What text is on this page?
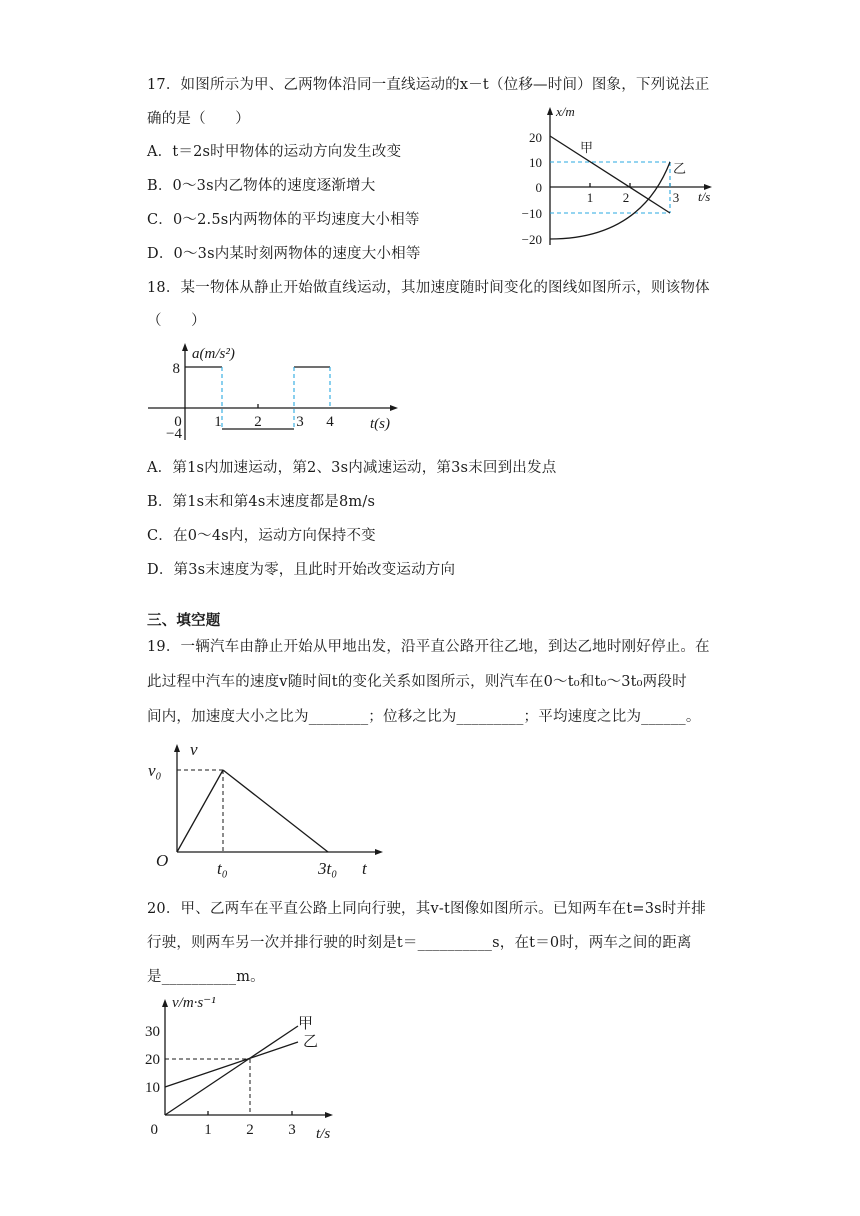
17．如图所示为甲、乙两物体沿同一直线运动的x－t（位移—时间）图象，下列说法正
确的是（　　）
A．t＝2s时甲物体的运动方向发生改变
B．0～3s内乙物体的速度逐渐增大
C．0～2.5s内两物体的平均速度大小相等
D．0～3s内某时刻两物体的速度大小相等
x/m
t/s
20
10
0
−10
−20
1 2	3
甲
乙
18．某一物体从静止开始做直线运动，其加速度随时间变化的图线如图所示，则该物体
（　　）
a(m/s²)
t(s)
8
−4
0 1 2 3 4
A．第1s内加速运动，第2、3s内减速运动，第3s末回到出发点
B．第1s末和第4s末速度都是8m/s
C．在0～4s内，运动方向保持不变
D．第3s末速度为零，且此时开始改变运动方向
三、填空题
19．一辆汽车由静止开始从甲地出发，沿平直公路开往乙地，到达乙地时刚好停止。在
此过程中汽车的速度v随时间t的变化关系如图所示，则汽车在0～t₀和t₀～3t₀两段时
间内，加速度大小之比为________；位移之比为_________；平均速度之比为______。
v
t
O
v₀
t₀	3t₀
20．甲、乙两车在平直公路上同向行驶，其v-t图像如图所示。已知两车在t=3s时并排
行驶，则两车另一次并排行驶的时刻是t＝__________s，在t＝0时，两车之间的距离
是__________m。
v/m·s⁻¹
t/s
30
20
10
0	1 2 3
甲
乙
